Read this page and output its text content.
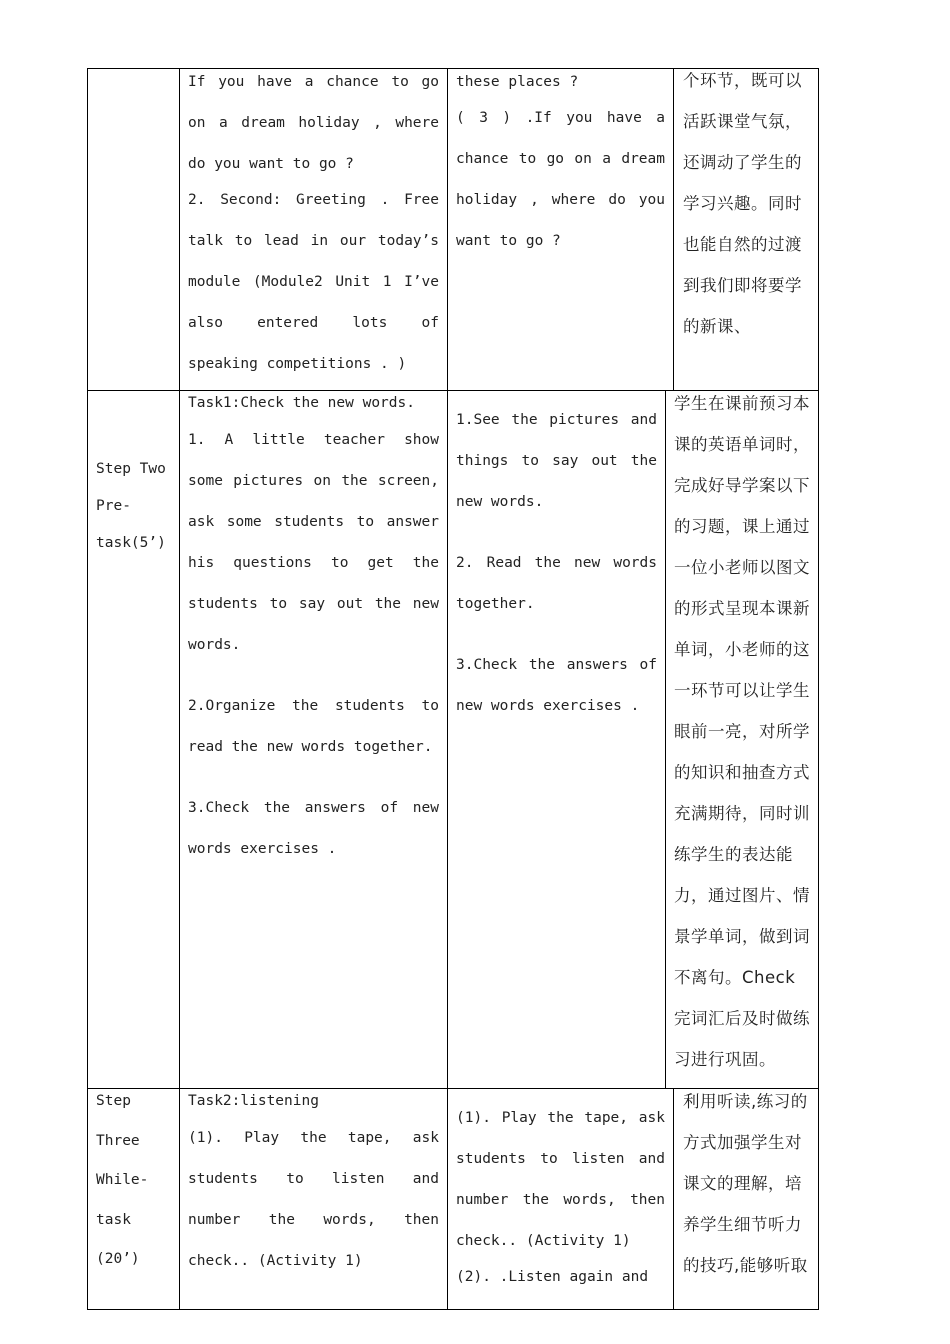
If you have a chance to go on a dream holiday , where do you want to go ?

2. Second: Greeting . Free talk to lead in our today’s module (Module2 Unit 1 I’ve also entered lots of speaking competitions . )

these places ?

( 3 ) .If you have a chance to go on a dream holiday , where do you want to go ?

个环节，既可以活跃课堂气氛，还调动了学生的学习兴趣。同时也能自然的过渡到我们即将要学的新课、

Step Two Pre-task(5’)

Task1:Check the new words.

1. A little teacher show some pictures on the screen, ask some students to answer his questions to get the students to say out the new words.

2.Organize the students to read the new words together.

3.Check the answers of new words exercises .

1.See the pictures and things to say out the new words.

2. Read the new words together.

3.Check the answers of new words exercises .

学生在课前预习本课的英语单词时，完成好导学案以下的习题，课上通过一位小老师以图文的形式呈现本课新单词，小老师的这一环节可以让学生眼前一亮，对所学的知识和抽查方式充满期待，同时训练学生的表达能力，通过图片、情景学单词，做到词不离句。Check 完词汇后及时做练习进行巩固。

Step Three While-task (20’)

Task2:listening

(1). Play the tape, ask students to listen and number the words, then check.. (Activity 1)

(1). Play the tape, ask students to listen and number the words, then check.. (Activity 1)

(2). .Listen again and

利用听读,练习的方式加强学生对课文的理解，培养学生细节听力的技巧,能够听取
